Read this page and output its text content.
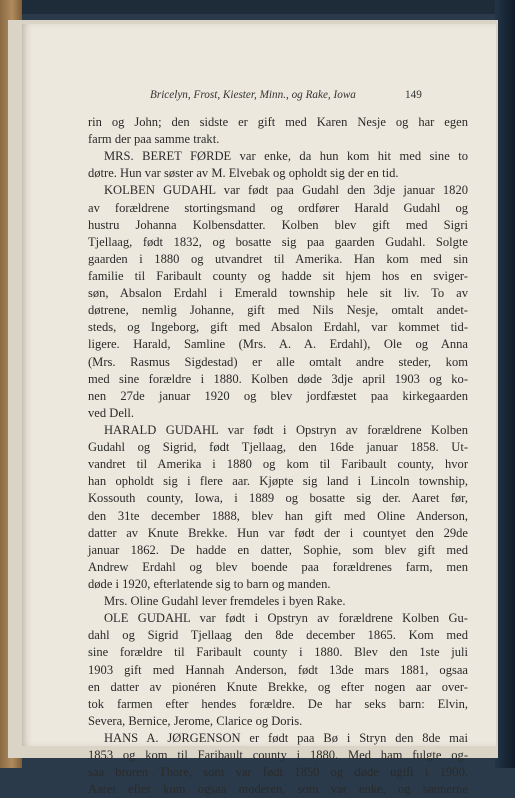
Bricelyn, Frost, Kiester, Minn., og Rake, Iowa	149
rin og John; den sidste er gift med Karen Nesje og har egen
farm der paa samme trakt.
MRS. BERET FØRDE var enke, da hun kom hit med sine to
døtre. Hun var søster av M. Elvebak og opholdt sig der en tid.
KOLBEN GUDAHL var født paa Gudahl den 3dje januar 1820
av forældrene stortingsmand og ordfører Harald Gudahl og
hustru Johanna Kolbensdatter. Kolben blev gift med Sigri
Tjellaag, født 1832, og bosatte sig paa gaarden Gudahl. Solgte
gaarden i 1880 og utvandret til Amerika. Han kom med sin
familie til Faribault county og hadde sit hjem hos en sviger-
søn, Absalon Erdahl i Emerald township hele sit liv. To av
døtrene, nemlig Johanne, gift med Nils Nesje, omtalt andet-
steds, og Ingeborg, gift med Absalon Erdahl, var kommet tid-
ligere. Harald, Samline (Mrs. A. A. Erdahl), Ole og Anna
(Mrs. Rasmus Sigdestad) er alle omtalt andre steder, kom
med sine forældre i 1880. Kolben døde 3dje april 1903 og ko-
nen 27de januar 1920 og blev jordfæstet paa kirkegaarden
ved Dell.
HARALD GUDAHL var født i Opstryn av forældrene Kolben
Gudahl og Sigrid, født Tjellaag, den 16de januar 1858. Ut-
vandret til Amerika i 1880 og kom til Faribault county, hvor
han opholdt sig i flere aar. Kjøpte sig land i Lincoln township,
Kossouth county, Iowa, i 1889 og bosatte sig der. Aaret før,
den 31te december 1888, blev han gift med Oline Anderson,
datter av Knute Brekke. Hun var født der i countyet den 29de
januar 1862. De hadde en datter, Sophie, som blev gift med
Andrew Erdahl og blev boende paa forældrenes farm, men
døde i 1920, efterlatende sig to barn og manden.
Mrs. Oline Gudahl lever fremdeles i byen Rake.
OLE GUDAHL var født i Opstryn av forældrene Kolben Gu-
dahl og Sigrid Tjellaag den 8de december 1865. Kom med
sine forældre til Faribault county i 1880. Blev den 1ste juli
1903 gift med Hannah Anderson, født 13de mars 1881, ogsaa
en datter av pionéren Knute Brekke, og efter nogen aar over-
tok farmen efter hendes forældre. De har seks barn: Elvin,
Severa, Bernice, Jerome, Clarice og Doris.
HANS A. JØRGENSON er født paa Bø i Stryn den 8de mai
1853 og kom til Faribault county i 1880. Med ham fulgte og-
saa broren Thore, som var født 1850 og døde ugift i 1900.
Aaret efter kom ogsaa moderen, som var enke, og sønnerne
